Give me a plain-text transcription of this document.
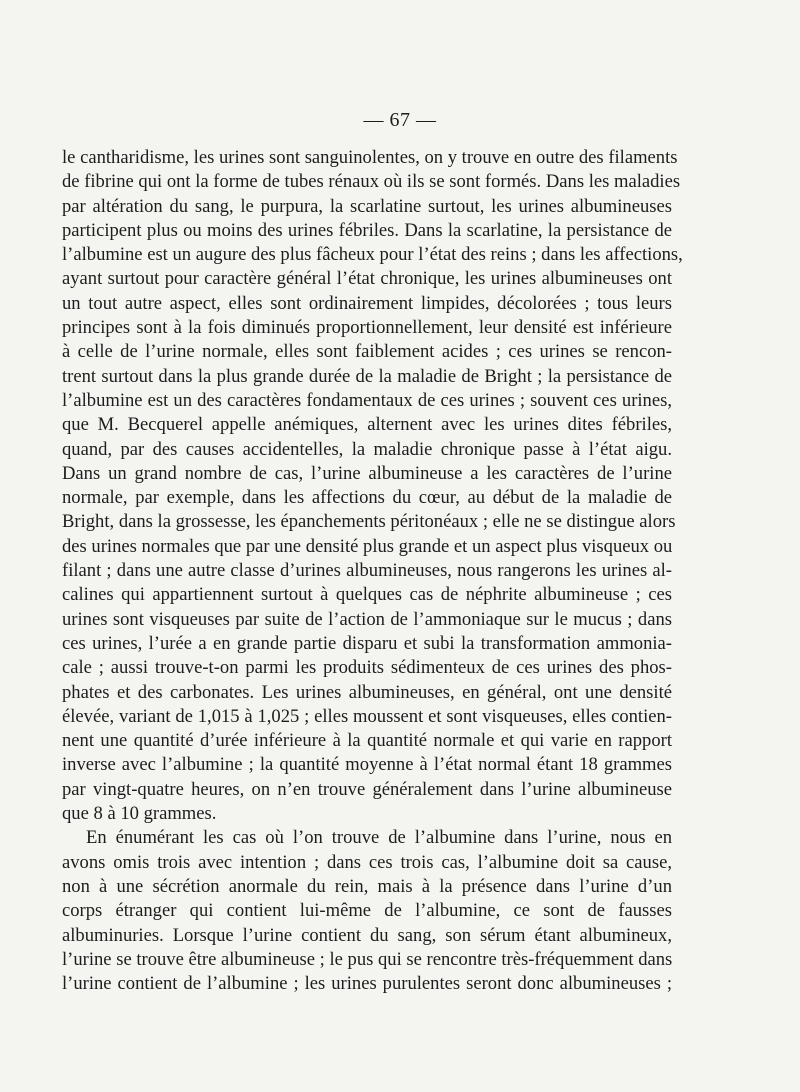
— 67 —
le cantharidisme, les urines sont sanguinolentes, on y trouve en outre des filaments
de fibrine qui ont la forme de tubes rénaux où ils se sont formés. Dans les maladies
par altération du sang, le purpura, la scarlatine surtout, les urines albumineuses
participent plus ou moins des urines fébriles. Dans la scarlatine, la persistance de
l’albumine est un augure des plus fâcheux pour l’état des reins ; dans les affections,
ayant surtout pour caractère général l’état chronique, les urines albumineuses ont
un tout autre aspect, elles sont ordinairement limpides, décolorées ; tous leurs
principes sont à la fois diminués proportionnellement, leur densité est inférieure
à celle de l’urine normale, elles sont faiblement acides ; ces urines se rencon-
trent surtout dans la plus grande durée de la maladie de Bright ; la persistance de
l’albumine est un des caractères fondamentaux de ces urines ; souvent ces urines,
que M. Becquerel appelle anémiques, alternent avec les urines dites fébriles,
quand, par des causes accidentelles, la maladie chronique passe à l’état aigu.
Dans un grand nombre de cas, l’urine albumineuse a les caractères de l’urine
normale, par exemple, dans les affections du cœur, au début de la maladie de
Bright, dans la grossesse, les épanchements péritonéaux ; elle ne se distingue alors
des urines normales que par une densité plus grande et un aspect plus visqueux ou
filant ; dans une autre classe d’urines albumineuses, nous rangerons les urines al-
calines qui appartiennent surtout à quelques cas de néphrite albumineuse ; ces
urines sont visqueuses par suite de l’action de l’ammoniaque sur le mucus ; dans
ces urines, l’urée a en grande partie disparu et subi la transformation ammonia-
cale ; aussi trouve-t-on parmi les produits sédimenteux de ces urines des phos-
phates et des carbonates. Les urines albumineuses, en général, ont une densité
élevée, variant de 1,015 à 1,025 ; elles moussent et sont visqueuses, elles contien-
nent une quantité d’urée inférieure à la quantité normale et qui varie en rapport
inverse avec l’albumine ; la quantité moyenne à l’état normal étant 18 grammes
par vingt-quatre heures, on n’en trouve généralement dans l’urine albumineuse
que 8 à 10 grammes.
En énumérant les cas où l’on trouve de l’albumine dans l’urine, nous en
avons omis trois avec intention ; dans ces trois cas, l’albumine doit sa cause,
non à une sécrétion anormale du rein, mais à la présence dans l’urine d’un
corps étranger qui contient lui-même de l’albumine, ce sont de fausses
albuminuries. Lorsque l’urine contient du sang, son sérum étant albumineux,
l’urine se trouve être albumineuse ; le pus qui se rencontre très-fréquemment dans
l’urine contient de l’albumine ; les urines purulentes seront donc albumineuses ;
